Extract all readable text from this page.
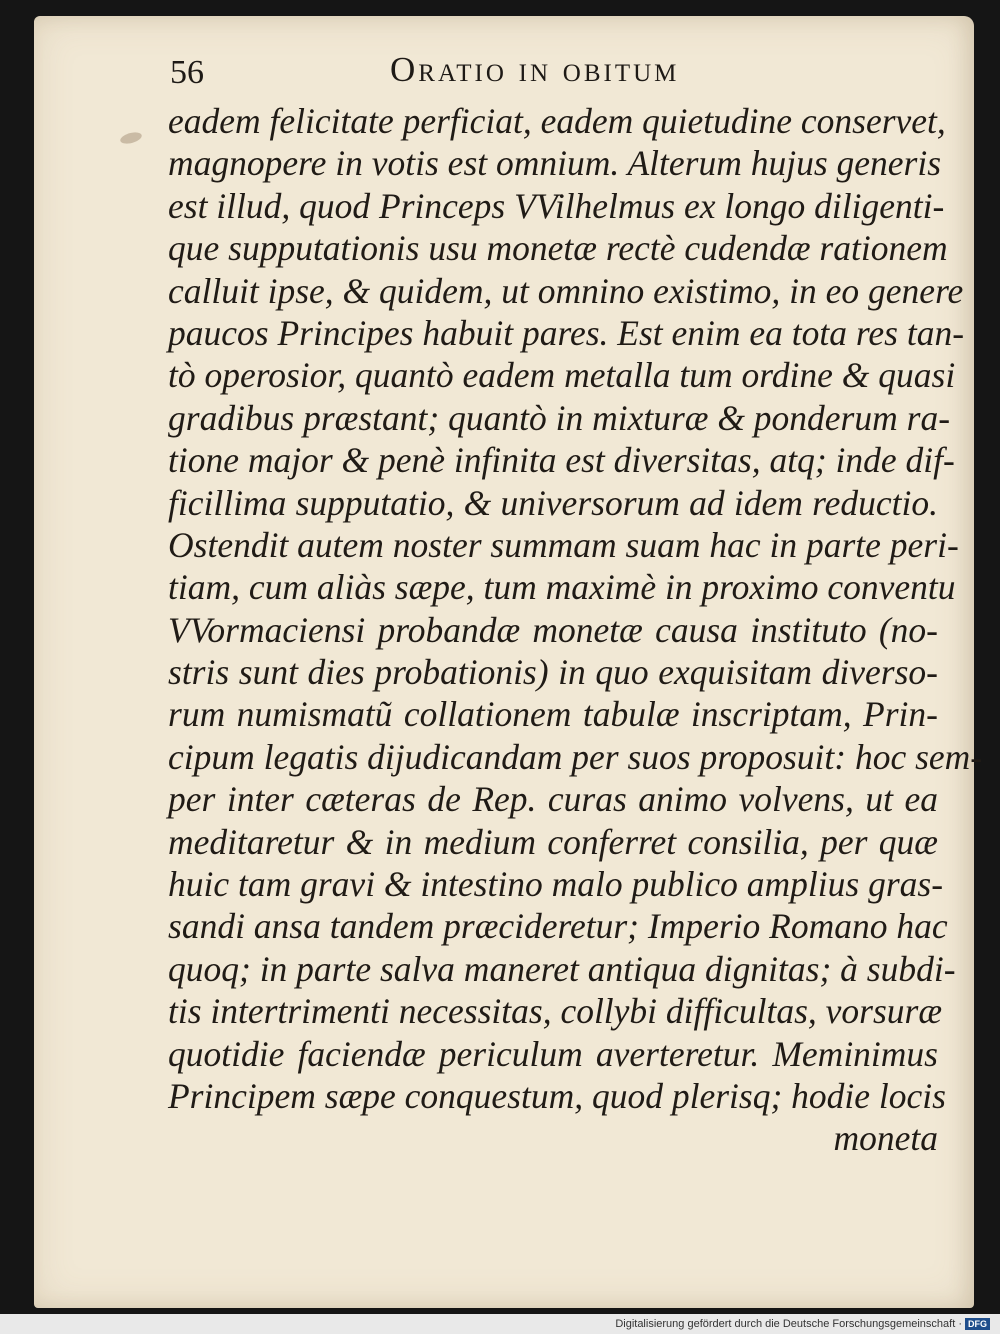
56	Oratio in obitum
eadem felicitate perficiat, eadem quietudine conservet,
magnopere in votis est omnium. Alterum hujus generis
est illud, quod Princeps VVilhelmus ex longo diligenti-
que supputationis usu monetæ rectè cudendæ rationem
calluit ipse, & quidem, ut omnino existimo, in eo genere
paucos Principes habuit pares. Est enim ea tota res tan-
tò operosior, quantò eadem metalla tum ordine & quasi
gradibus præstant; quantò in mixturæ & ponderum ra-
tione major & penè infinita est diversitas, atq; inde dif-
ficillima supputatio, & universorum ad idem reductio.
Ostendit autem noster summam suam hac in parte peri-
tiam, cum aliàs sæpe, tum maximè in proximo conventu
VVormaciensi probandæ monetæ causa instituto (no-
stris sunt dies probationis) in quo exquisitam diverso-
rum numismatũ collationem tabulæ inscriptam, Prin-
cipum legatis dijudicandam per suos proposuit: hoc sem-
per inter cæteras de Rep. curas animo volvens, ut ea
meditaretur & in medium conferret consilia, per quæ
huic tam gravi & intestino malo publico amplius gras-
sandi ansa tandem præcideretur; Imperio Romano hac
quoq; in parte salva maneret antiqua dignitas; à subdi-
tis intertrimenti necessitas, collybi difficultas, vorsuræ
quotidie faciendæ periculum averteretur. Meminimus
Principem sæpe conquestum, quod plerisq; hodie locis
moneta
Digitalisierung gefördert durch die Deutsche Forschungsgemeinschaft · DFG
